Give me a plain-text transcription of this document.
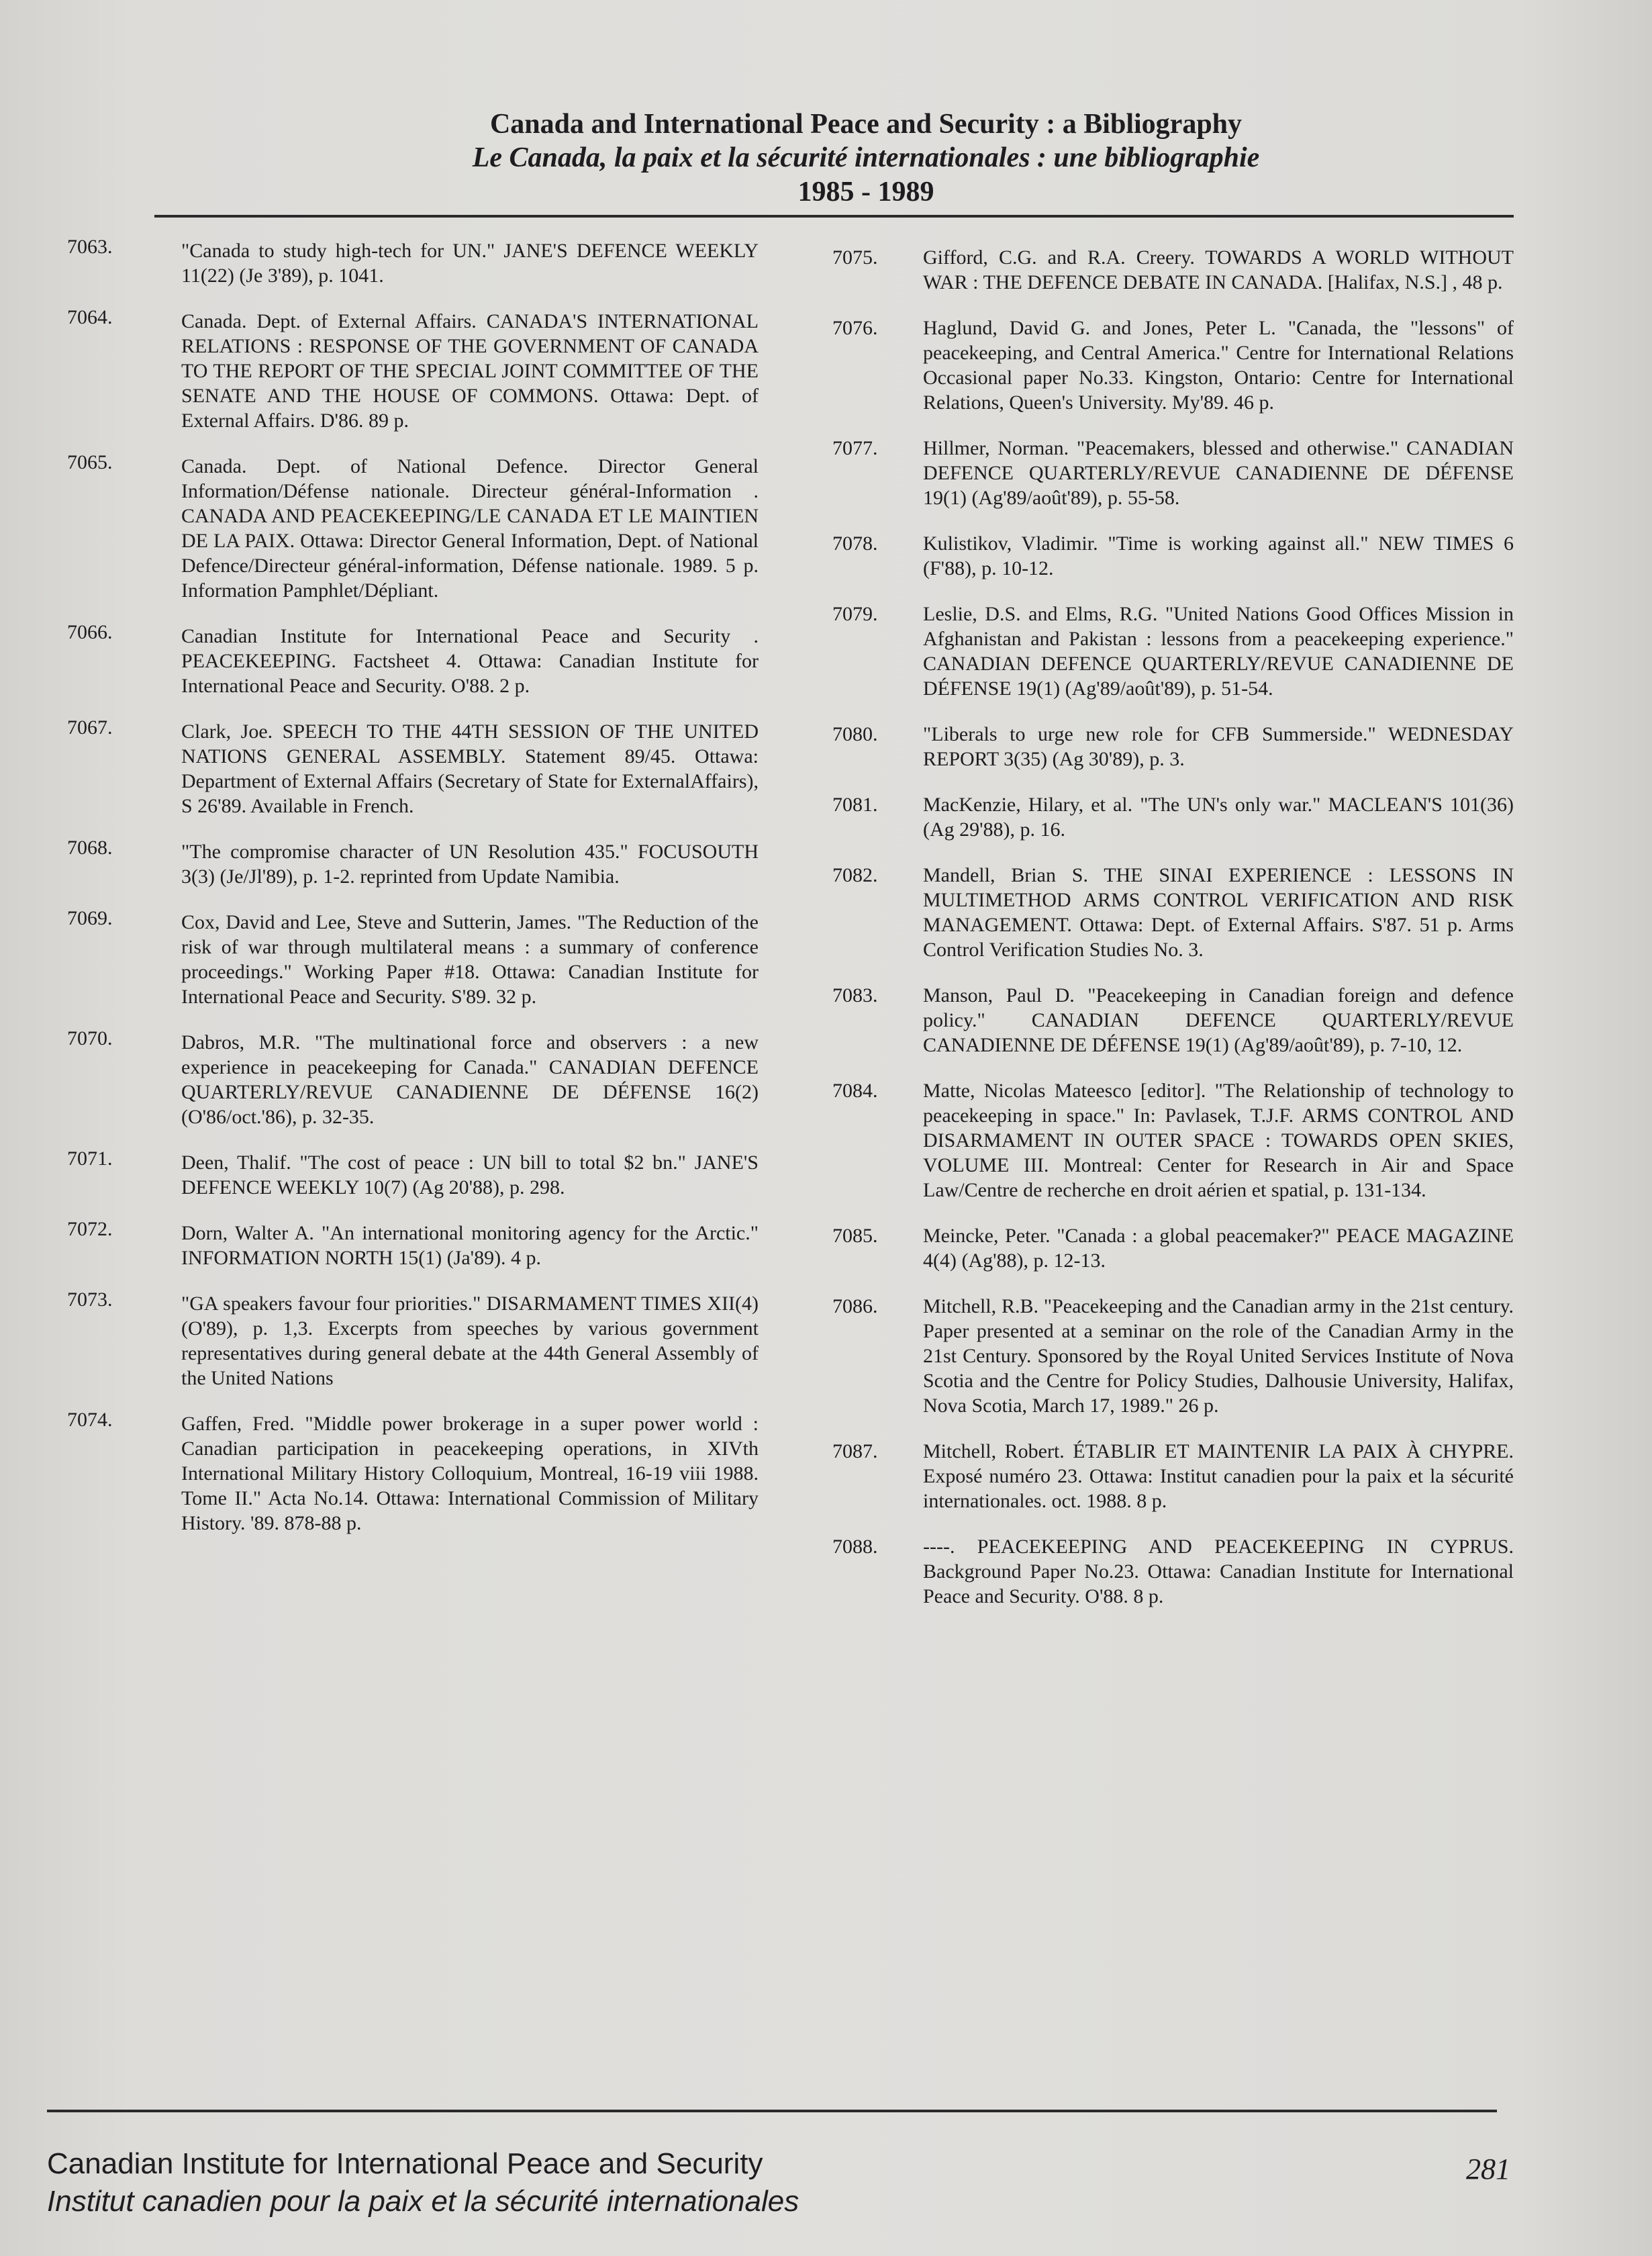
Canada and International Peace and Security : a Bibliography
Le Canada, la paix et la sécurité internationales : une bibliographie
1985 - 1989
7063.	"Canada to study high-tech for UN." JANE'S DEFENCE WEEKLY 11(22) (Je 3'89), p. 1041.
7064.	Canada. Dept. of External Affairs. CANADA'S INTERNATIONAL RELATIONS : RESPONSE OF THE GOVERNMENT OF CANADA TO THE REPORT OF THE SPECIAL JOINT COMMITTEE OF THE SENATE AND THE HOUSE OF COMMONS. Ottawa: Dept. of External Affairs. D'86. 89 p.
7065.	Canada. Dept. of National Defence. Director General Information/Défense nationale. Directeur général-Information . CANADA AND PEACEKEEPING/LE CANADA ET LE MAINTIEN DE LA PAIX. Ottawa: Director General Information, Dept. of National Defence/Directeur général-information, Défense nationale. 1989. 5 p. Information Pamphlet/Dépliant.
7066.	Canadian Institute for International Peace and Security . PEACEKEEPING. Factsheet 4. Ottawa: Canadian Institute for International Peace and Security. O'88. 2 p.
7067.	Clark, Joe. SPEECH TO THE 44TH SESSION OF THE UNITED NATIONS GENERAL ASSEMBLY. Statement 89/45. Ottawa: Department of External Affairs (Secretary of State for ExternalAffairs), S 26'89. Available in French.
7068.	"The compromise character of UN Resolution 435." FOCUSOUTH 3(3) (Je/Jl'89), p. 1-2. reprinted from Update Namibia.
7069.	Cox, David and Lee, Steve and Sutterin, James. "The Reduction of the risk of war through multilateral means : a summary of conference proceedings." Working Paper #18. Ottawa: Canadian Institute for International Peace and Security. S'89. 32 p.
7070.	Dabros, M.R. "The multinational force and observers : a new experience in peacekeeping for Canada." CANADIAN DEFENCE QUARTERLY/REVUE CANADIENNE DE DÉFENSE 16(2) (O'86/oct.'86), p. 32-35.
7071.	Deen, Thalif. "The cost of peace : UN bill to total $2 bn." JANE'S DEFENCE WEEKLY 10(7) (Ag 20'88), p. 298.
7072.	Dorn, Walter A. "An international monitoring agency for the Arctic." INFORMATION NORTH 15(1) (Ja'89). 4 p.
7073.	"GA speakers favour four priorities." DISARMAMENT TIMES XII(4) (O'89), p. 1,3. Excerpts from speeches by various government representatives during general debate at the 44th General Assembly of the United Nations
7074.	Gaffen, Fred. "Middle power brokerage in a super power world : Canadian participation in peacekeeping operations, in XIVth International Military History Colloquium, Montreal, 16-19 viii 1988. Tome II." Acta No.14. Ottawa: International Commission of Military History. '89. 878-88 p.
7075. Gifford, C.G. and R.A. Creery. TOWARDS A WORLD WITHOUT WAR : THE DEFENCE DEBATE IN CANADA. [Halifax, N.S.] , 48 p.
7076. Haglund, David G. and Jones, Peter L. "Canada, the "lessons" of peacekeeping, and Central America." Centre for International Relations Occasional paper No.33. Kingston, Ontario: Centre for International Relations, Queen's University. My'89. 46 p.
7077. Hillmer, Norman. "Peacemakers, blessed and otherwise." CANADIAN DEFENCE QUARTERLY/REVUE CANADIENNE DE DÉFENSE 19(1) (Ag'89/août'89), p. 55-58.
7078. Kulistikov, Vladimir. "Time is working against all." NEW TIMES 6 (F'88), p. 10-12.
7079. Leslie, D.S. and Elms, R.G. "United Nations Good Offices Mission in Afghanistan and Pakistan : lessons from a peacekeeping experience." CANADIAN DEFENCE QUARTERLY/REVUE CANADIENNE DE DÉFENSE 19(1) (Ag'89/août'89), p. 51-54.
7080. "Liberals to urge new role for CFB Summerside." WEDNESDAY REPORT 3(35) (Ag 30'89), p. 3.
7081. MacKenzie, Hilary, et al. "The UN's only war." MACLEAN'S 101(36) (Ag 29'88), p. 16.
7082. Mandell, Brian S. THE SINAI EXPERIENCE : LESSONS IN MULTIMETHOD ARMS CONTROL VERIFICATION AND RISK MANAGEMENT. Ottawa: Dept. of External Affairs. S'87. 51 p. Arms Control Verification Studies No. 3.
7083. Manson, Paul D. "Peacekeeping in Canadian foreign and defence policy." CANADIAN DEFENCE QUARTERLY/REVUE CANADIENNE DE DÉFENSE 19(1) (Ag'89/août'89), p. 7-10, 12.
7084. Matte, Nicolas Mateesco [editor]. "The Relationship of technology to peacekeeping in space." In: Pavlasek, T.J.F. ARMS CONTROL AND DISARMAMENT IN OUTER SPACE : TOWARDS OPEN SKIES, VOLUME III. Montreal: Center for Research in Air and Space Law/Centre de recherche en droit aérien et spatial, p. 131-134.
7085. Meincke, Peter. "Canada : a global peacemaker?" PEACE MAGAZINE 4(4) (Ag'88), p. 12-13.
7086. Mitchell, R.B. "Peacekeeping and the Canadian army in the 21st century. Paper presented at a seminar on the role of the Canadian Army in the 21st Century. Sponsored by the Royal United Services Institute of Nova Scotia and the Centre for Policy Studies, Dalhousie University, Halifax, Nova Scotia, March 17, 1989." 26 p.
7087. Mitchell, Robert. ÉTABLIR ET MAINTENIR LA PAIX À CHYPRE. Exposé numéro 23. Ottawa: Institut canadien pour la paix et la sécurité internationales. oct. 1988. 8 p.
7088. ----. PEACEKEEPING AND PEACEKEEPING IN CYPRUS. Background Paper No.23. Ottawa: Canadian Institute for International Peace and Security. O'88. 8 p.
Canadian Institute for International Peace and Security
Institut canadien pour la paix et la sécurité internationales
281
